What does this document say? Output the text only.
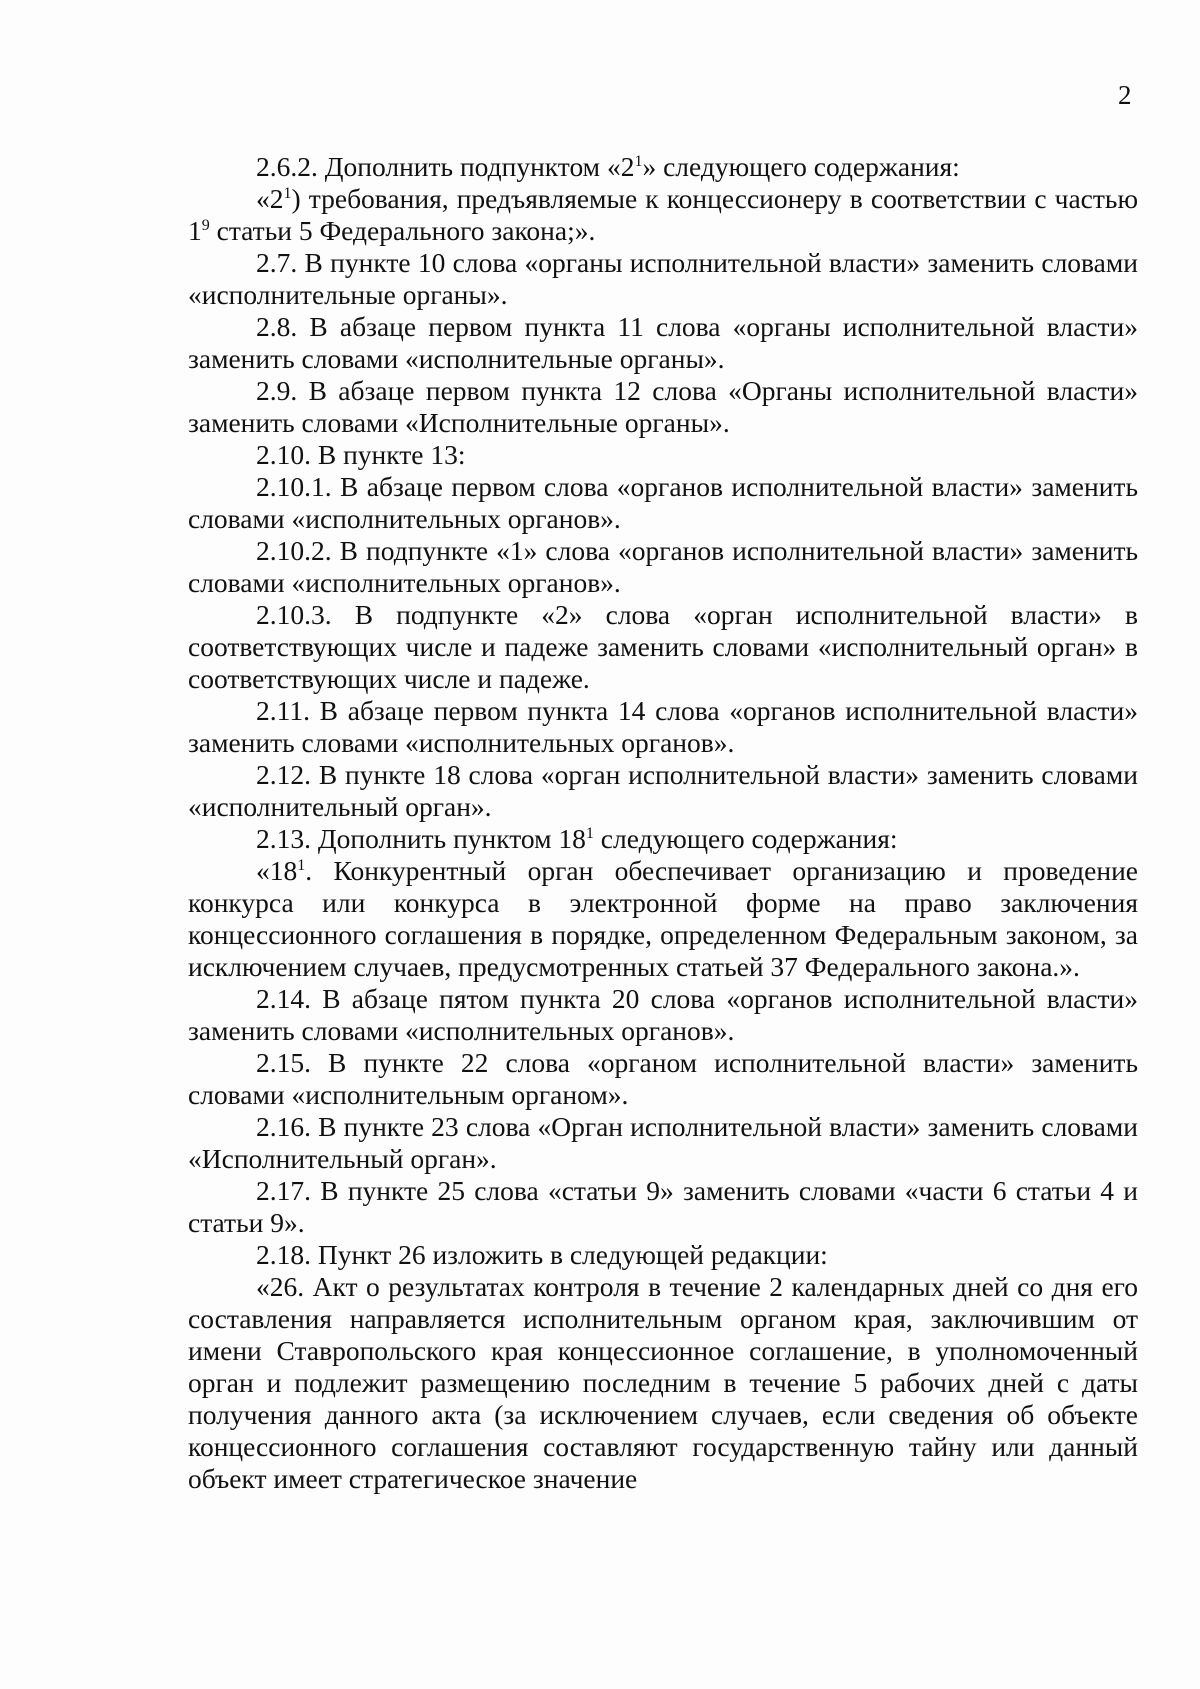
2

2.6.2. Дополнить подпунктом «$2^1$» следующего содержания:

«$2^1$) требования, предъявляемые к концессионеру в соответствии с частью $1^9$ статьи 5 Федерального закона;».

2.7. В пункте 10 слова «органы исполнительной власти» заменить словами «исполнительные органы».

2.8. В абзаце первом пункта 11 слова «органы исполнительной власти» заменить словами «исполнительные органы».

2.9. В абзаце первом пункта 12 слова «Органы исполнительной власти» заменить словами «Исполнительные органы».

2.10. В пункте 13:

2.10.1. В абзаце первом слова «органов исполнительной власти» заменить словами «исполнительных органов».

2.10.2. В подпункте «1» слова «органов исполнительной власти» заменить словами «исполнительных органов».

2.10.3. В подпункте «2» слова «орган исполнительной власти» в соответствующих числе и падеже заменить словами «исполнительный орган» в соответствующих числе и падеже.

2.11. В абзаце первом пункта 14 слова «органов исполнительной власти» заменить словами «исполнительных органов».

2.12. В пункте 18 слова «орган исполнительной власти» заменить словами «исполнительный орган».

2.13. Дополнить пунктом $18^1$ следующего содержания:

«$18^1$. Конкурентный орган обеспечивает организацию и проведение конкурса или конкурса в электронной форме на право заключения концессионного соглашения в порядке, определенном Федеральным законом, за исключением случаев, предусмотренных статьей 37 Федерального закона.».

2.14. В абзаце пятом пункта 20 слова «органов исполнительной власти» заменить словами «исполнительных органов».

2.15. В пункте 22 слова «органом исполнительной власти» заменить словами «исполнительным органом».

2.16. В пункте 23 слова «Орган исполнительной власти» заменить словами «Исполнительный орган».

2.17. В пункте 25 слова «статьи 9» заменить словами «части 6 статьи 4 и статьи 9».

2.18. Пункт 26 изложить в следующей редакции:

«26. Акт о результатах контроля в течение 2 календарных дней со дня его составления направляется исполнительным органом края, заключившим от имени Ставропольского края концессионное соглашение, в уполномоченный орган и подлежит размещению последним в течение 5 рабочих дней с даты получения данного акта (за исключением случаев, если сведения об объекте концессионного соглашения составляют государственную тайну или данный объект имеет стратегическое значение
